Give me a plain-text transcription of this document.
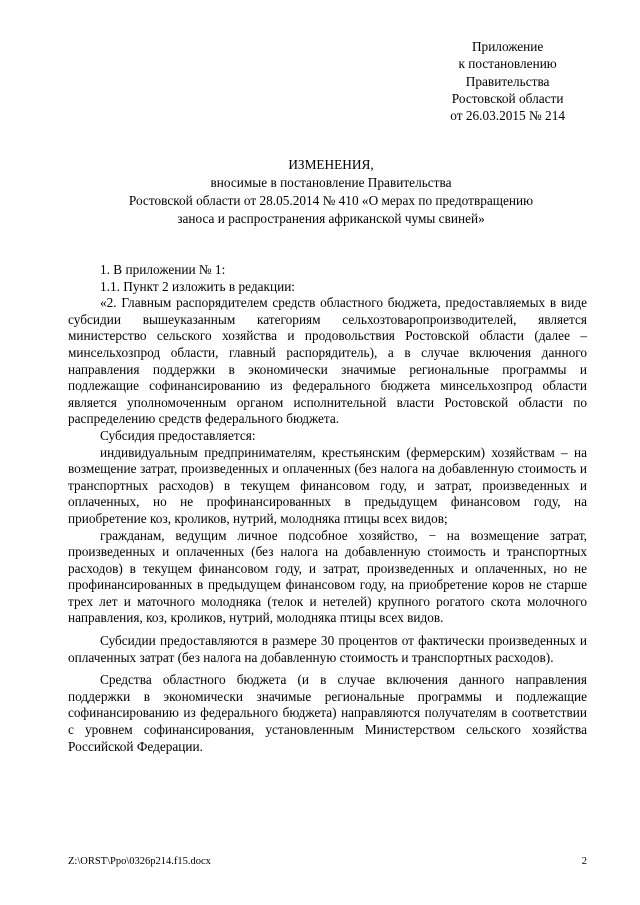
Приложение
к постановлению
Правительства
Ростовской области
от 26.03.2015 № 214
ИЗМЕНЕНИЯ,
вносимые в постановление Правительства
Ростовской области от 28.05.2014 № 410 «О мерах по предотвращению
заноса и распространения африканской чумы свиней»

1. В приложении № 1:

1.1. Пункт 2 изложить в редакции:

«2. Главным распорядителем средств областного бюджета, предоставляемых в виде субсидии вышеуказанным категориям сельхозтоваропроизводителей, является министерство сельского хозяйства и продовольствия Ростовской области (далее – минсельхозпрод области, главный распорядитель), а в случае включения данного направления поддержки в экономически значимые региональные программы и подлежащие софинансированию из федерального бюджета минсельхозпрод области является уполномоченным органом исполнительной власти Ростовской области по распределению средств федерального бюджета.

Субсидия предоставляется:

индивидуальным предпринимателям, крестьянским (фермерским) хозяйствам – на возмещение затрат, произведенных и оплаченных (без налога на добавленную стоимость и транспортных расходов) в текущем финансовом году, и затрат, произведенных и оплаченных, но не профинансированных в предыдущем финансовом году, на приобретение коз, кроликов, нутрий, молодняка птицы всех видов;

гражданам, ведущим личное подсобное хозяйство, − на возмещение затрат, произведенных и оплаченных (без налога на добавленную стоимость и транспортных расходов) в текущем финансовом году, и затрат, произведенных и оплаченных, но не профинансированных в предыдущем финансовом году, на приобретение коров не старше трех лет и маточного молодняка (телок и нетелей) крупного рогатого скота молочного направления, коз, кроликов, нутрий, молодняка птицы всех видов.

Субсидии предоставляются в размере 30 процентов от фактически произведенных и оплаченных затрат (без налога на добавленную стоимость и транспортных расходов).

Средства областного бюджета (и в случае включения данного направления поддержки в экономически значимые региональные программы и подлежащие софинансированию из федерального бюджета) направляются получателям в соответствии с уровнем софинансирования, установленным Министерством сельского хозяйства Российской Федерации.

Z:\ORST\Ppo\0326p214.f15.docx	2
